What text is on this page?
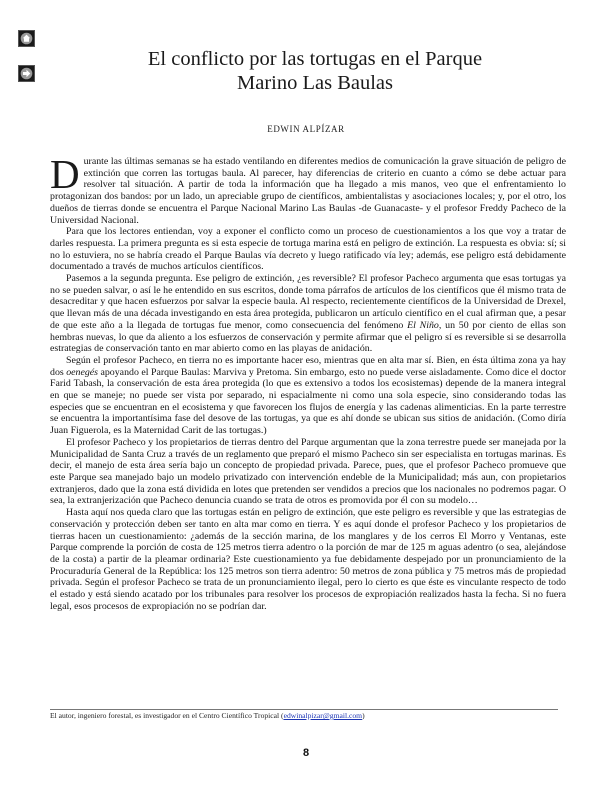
El conflicto por las tortugas en el Parque
Marino Las Baulas
EDWIN ALPÍZAR

Durante las últimas semanas se ha estado ventilando en diferentes medios de comunicación la grave situación de peligro de extinción que corren las tortugas baula. Al parecer, hay diferencias de criterio en cuanto a cómo se debe actuar para resolver tal situación. A partir de toda la información que ha llegado a mis manos, veo que el enfrentamiento lo protagonizan dos bandos: por un lado, un apreciable grupo de científicos, ambientalistas y asociaciones locales; y, por el otro, los dueños de tierras donde se encuentra el Parque Nacional Marino Las Baulas -de Guanacaste- y el profesor Freddy Pacheco de la Universidad Nacional.

Para que los lectores entiendan, voy a exponer el conflicto como un proceso de cuestionamientos a los que voy a tratar de darles respuesta. La primera pregunta es si esta especie de tortuga marina está en peligro de extinción. La respuesta es obvia: sí; si no lo estuviera, no se habría creado el Parque Baulas vía decreto y luego ratificado vía ley; además, ese peligro está debidamente documentado a través de muchos artículos científicos.

Pasemos a la segunda pregunta. Ese peligro de extinción, ¿es reversible? El profesor Pacheco argumenta que esas tortugas ya no se pueden salvar, o así le he entendido en sus escritos, donde toma párrafos de artículos de los científicos que él mismo trata de desacreditar y que hacen esfuerzos por salvar la especie baula. Al respecto, recientemente científicos de la Universidad de Drexel, que llevan más de una década investigando en esta área protegida, publicaron un artículo científico en el cual afirman que, a pesar de que este año a la llegada de tortugas fue menor, como consecuencia del fenómeno El Niño, un 50 por ciento de ellas son hembras nuevas, lo que da aliento a los esfuerzos de conservación y permite afirmar que el peligro sí es reversible si se desarrolla estrategias de conservación tanto en mar abierto como en las playas de anidación.

Según el profesor Pacheco, en tierra no es importante hacer eso, mientras que en alta mar sí. Bien, en ésta última zona ya hay dos oenegés apoyando el Parque Baulas: Marviva y Pretoma. Sin embargo, esto no puede verse aisladamente. Como dice el doctor Farid Tabash, la conservación de esta área protegida (lo que es extensivo a todos los ecosistemas) depende de la manera integral en que se maneje; no puede ser vista por separado, ni espacialmente ni como una sola especie, sino considerando todas las especies que se encuentran en el ecosistema y que favorecen los flujos de energía y las cadenas alimenticias. En la parte terrestre se encuentra la importantísima fase del desove de las tortugas, ya que es ahí donde se ubican sus sitios de anidación. (Como diría Juan Figuerola, es la Maternidad Carit de las tortugas.)

El profesor Pacheco y los propietarios de tierras dentro del Parque argumentan que la zona terrestre puede ser manejada por la Municipalidad de Santa Cruz a través de un reglamento que preparó el mismo Pacheco sin ser especialista en tortugas marinas. Es decir, el manejo de esta área sería bajo un concepto de propiedad privada. Parece, pues, que el profesor Pacheco promueve que este Parque sea manejado bajo un modelo privatizado con intervención endeble de la Municipalidad; más aun, con propietarios extranjeros, dado que la zona está dividida en lotes que pretenden ser vendidos a precios que los nacionales no podremos pagar. O sea, la extranjerización que Pacheco denuncia cuando se trata de otros es promovida por él con su modelo…

Hasta aquí nos queda claro que las tortugas están en peligro de extinción, que este peligro es reversible y que las estrategias de conservación y protección deben ser tanto en alta mar como en tierra. Y es aquí donde el profesor Pacheco y los propietarios de tierras hacen un cuestionamiento: ¿además de la sección marina, de los manglares y de los cerros El Morro y Ventanas, este Parque comprende la porción de costa de 125 metros tierra adentro o la porción de mar de 125 m aguas adentro (o sea, alejándose de la costa) a partir de la pleamar ordinaria? Este cuestionamiento ya fue debidamente despejado por un pronunciamiento de la Procuraduría General de la República: los 125 metros son tierra adentro: 50 metros de zona pública y 75 metros más de propiedad privada. Según el profesor Pacheco se trata de un pronunciamiento ilegal, pero lo cierto es que éste es vinculante respecto de todo el estado y está siendo acatado por los tribunales para resolver los procesos de expropiación realizados hasta la fecha. Si no fuera legal, esos procesos de expropiación no se podrían dar.

El autor, ingeniero forestal, es investigador en el Centro Científico Tropical (edwinalpizar@gmail.com)
8
